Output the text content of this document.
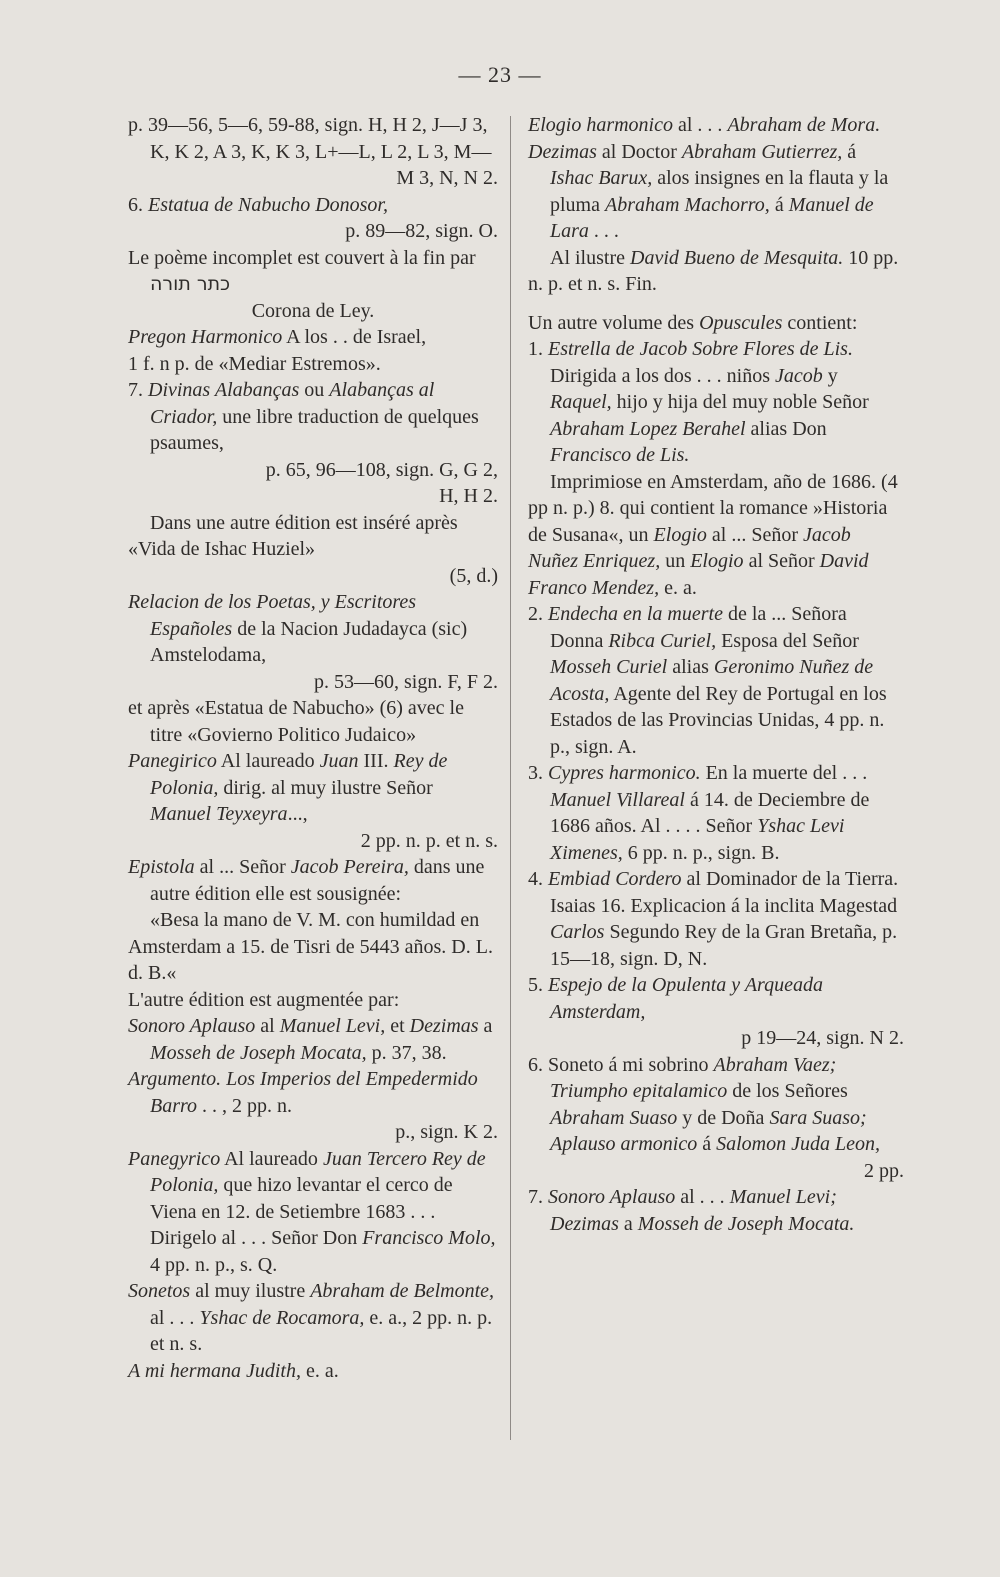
— 23 —
p. 39—56, 5—6, 59-88, sign. H, H 2, J—J 3, K, K 2, A 3, K, K 3, L+—L, L 2, L 3, M—
M 3, N, N 2.
6. Estatua de Nabucho Donosor,
p. 89—82, sign. O.
Le poème incomplet est couvert à la fin par כתר תורה
Corona de Ley.
Pregon Harmonico A los . . de Israel,
1 f. n p. de «Mediar Estremos».
7. Divinas Alabanças ou Alabanças al Criador, une libre traduction de quelques psaumes,
p. 65, 96—108, sign. G, G 2,
H, H 2.
Dans une autre édition est inséré après «Vida de Ishac Huziel»
(5, d.)
Relacion de los Poetas, y Escritores Españoles de la Nacion Judadayca (sic) Amstelodama,
p. 53—60, sign. F, F 2.
et après «Estatua de Nabucho» (6) avec le titre «Govierno Politico Judaico»
Panegirico Al laureado Juan III. Rey de Polonia, dirig. al muy ilustre Señor Manuel Teyxeyra...,
2 pp. n. p. et n. s.
Epistola al ... Señor Jacob Pereira, dans une autre édition elle est sousignée:
«Besa la mano de V. M. con humildad en Amsterdam a 15. de Tisri de 5443 años. D. L. d. B.«
L'autre édition est augmentée par:
Sonoro Aplauso al Manuel Levi, et Dezimas a Mosseh de Joseph Mocata, p. 37, 38.
Argumento. Los Imperios del Empedermido Barro . . , 2 pp. n.
p., sign. K 2.
Panegyrico Al laureado Juan Tercero Rey de Polonia, que hizo levantar el cerco de Viena en 12. de Setiembre 1683 . . . Dirigelo al . . . Señor Don Francisco Molo, 4 pp. n. p., s. Q.
Sonetos al muy ilustre Abraham de Belmonte, al . . . Yshac de Rocamora, e. a., 2 pp. n. p. et n. s.
A mi hermana Judith, e. a.
Elogio harmonico al . . . Abraham de Mora.
Dezimas al Doctor Abraham Gutierrez, á Ishac Barux, alos insignes en la flauta y la pluma Abraham Machorro, á Manuel de Lara . . .
Al ilustre David Bueno de Mesquita. 10 pp. n. p. et n. s. Fin.
Un autre volume des Opuscules contient:
1. Estrella de Jacob Sobre Flores de Lis. Dirigida a los dos . . . niños Jacob y Raquel, hijo y hija del muy noble Señor Abraham Lopez Berahel alias Don Francisco de Lis.
Imprimiose en Amsterdam, año de 1686. (4 pp n. p.) 8. qui contient la romance »Historia de Susana«, un Elogio al ... Señor Jacob Nuñez Enriquez, un Elogio al Señor David Franco Mendez, e. a.
2. Endecha en la muerte de la ... Señora Donna Ribca Curiel, Esposa del Señor Mosseh Curiel alias Geronimo Nuñez de Acosta, Agente del Rey de Portugal en los Estados de las Provincias Unidas, 4 pp. n. p., sign. A.
3. Cypres harmonico. En la muerte del . . . Manuel Villareal á 14. de Deciembre de 1686 años. Al . . . . Señor Yshac Levi Ximenes, 6 pp. n. p., sign. B.
4. Embiad Cordero al Dominador de la Tierra. Isaias 16. Explicacion á la inclita Magestad Carlos Segundo Rey de la Gran Bretaña, p. 15—18, sign. D, N.
5. Espejo de la Opulenta y Arqueada Amsterdam,
p 19—24, sign. N 2.
6. Soneto á mi sobrino Abraham Vaez; Triumpho epitalamico de los Señores Abraham Suaso y de Doña Sara Suaso; Aplauso armonico á Salomon Juda Leon,
2 pp.
7. Sonoro Aplauso al . . . Manuel Levi; Dezimas a Mosseh de Joseph Mocata.
